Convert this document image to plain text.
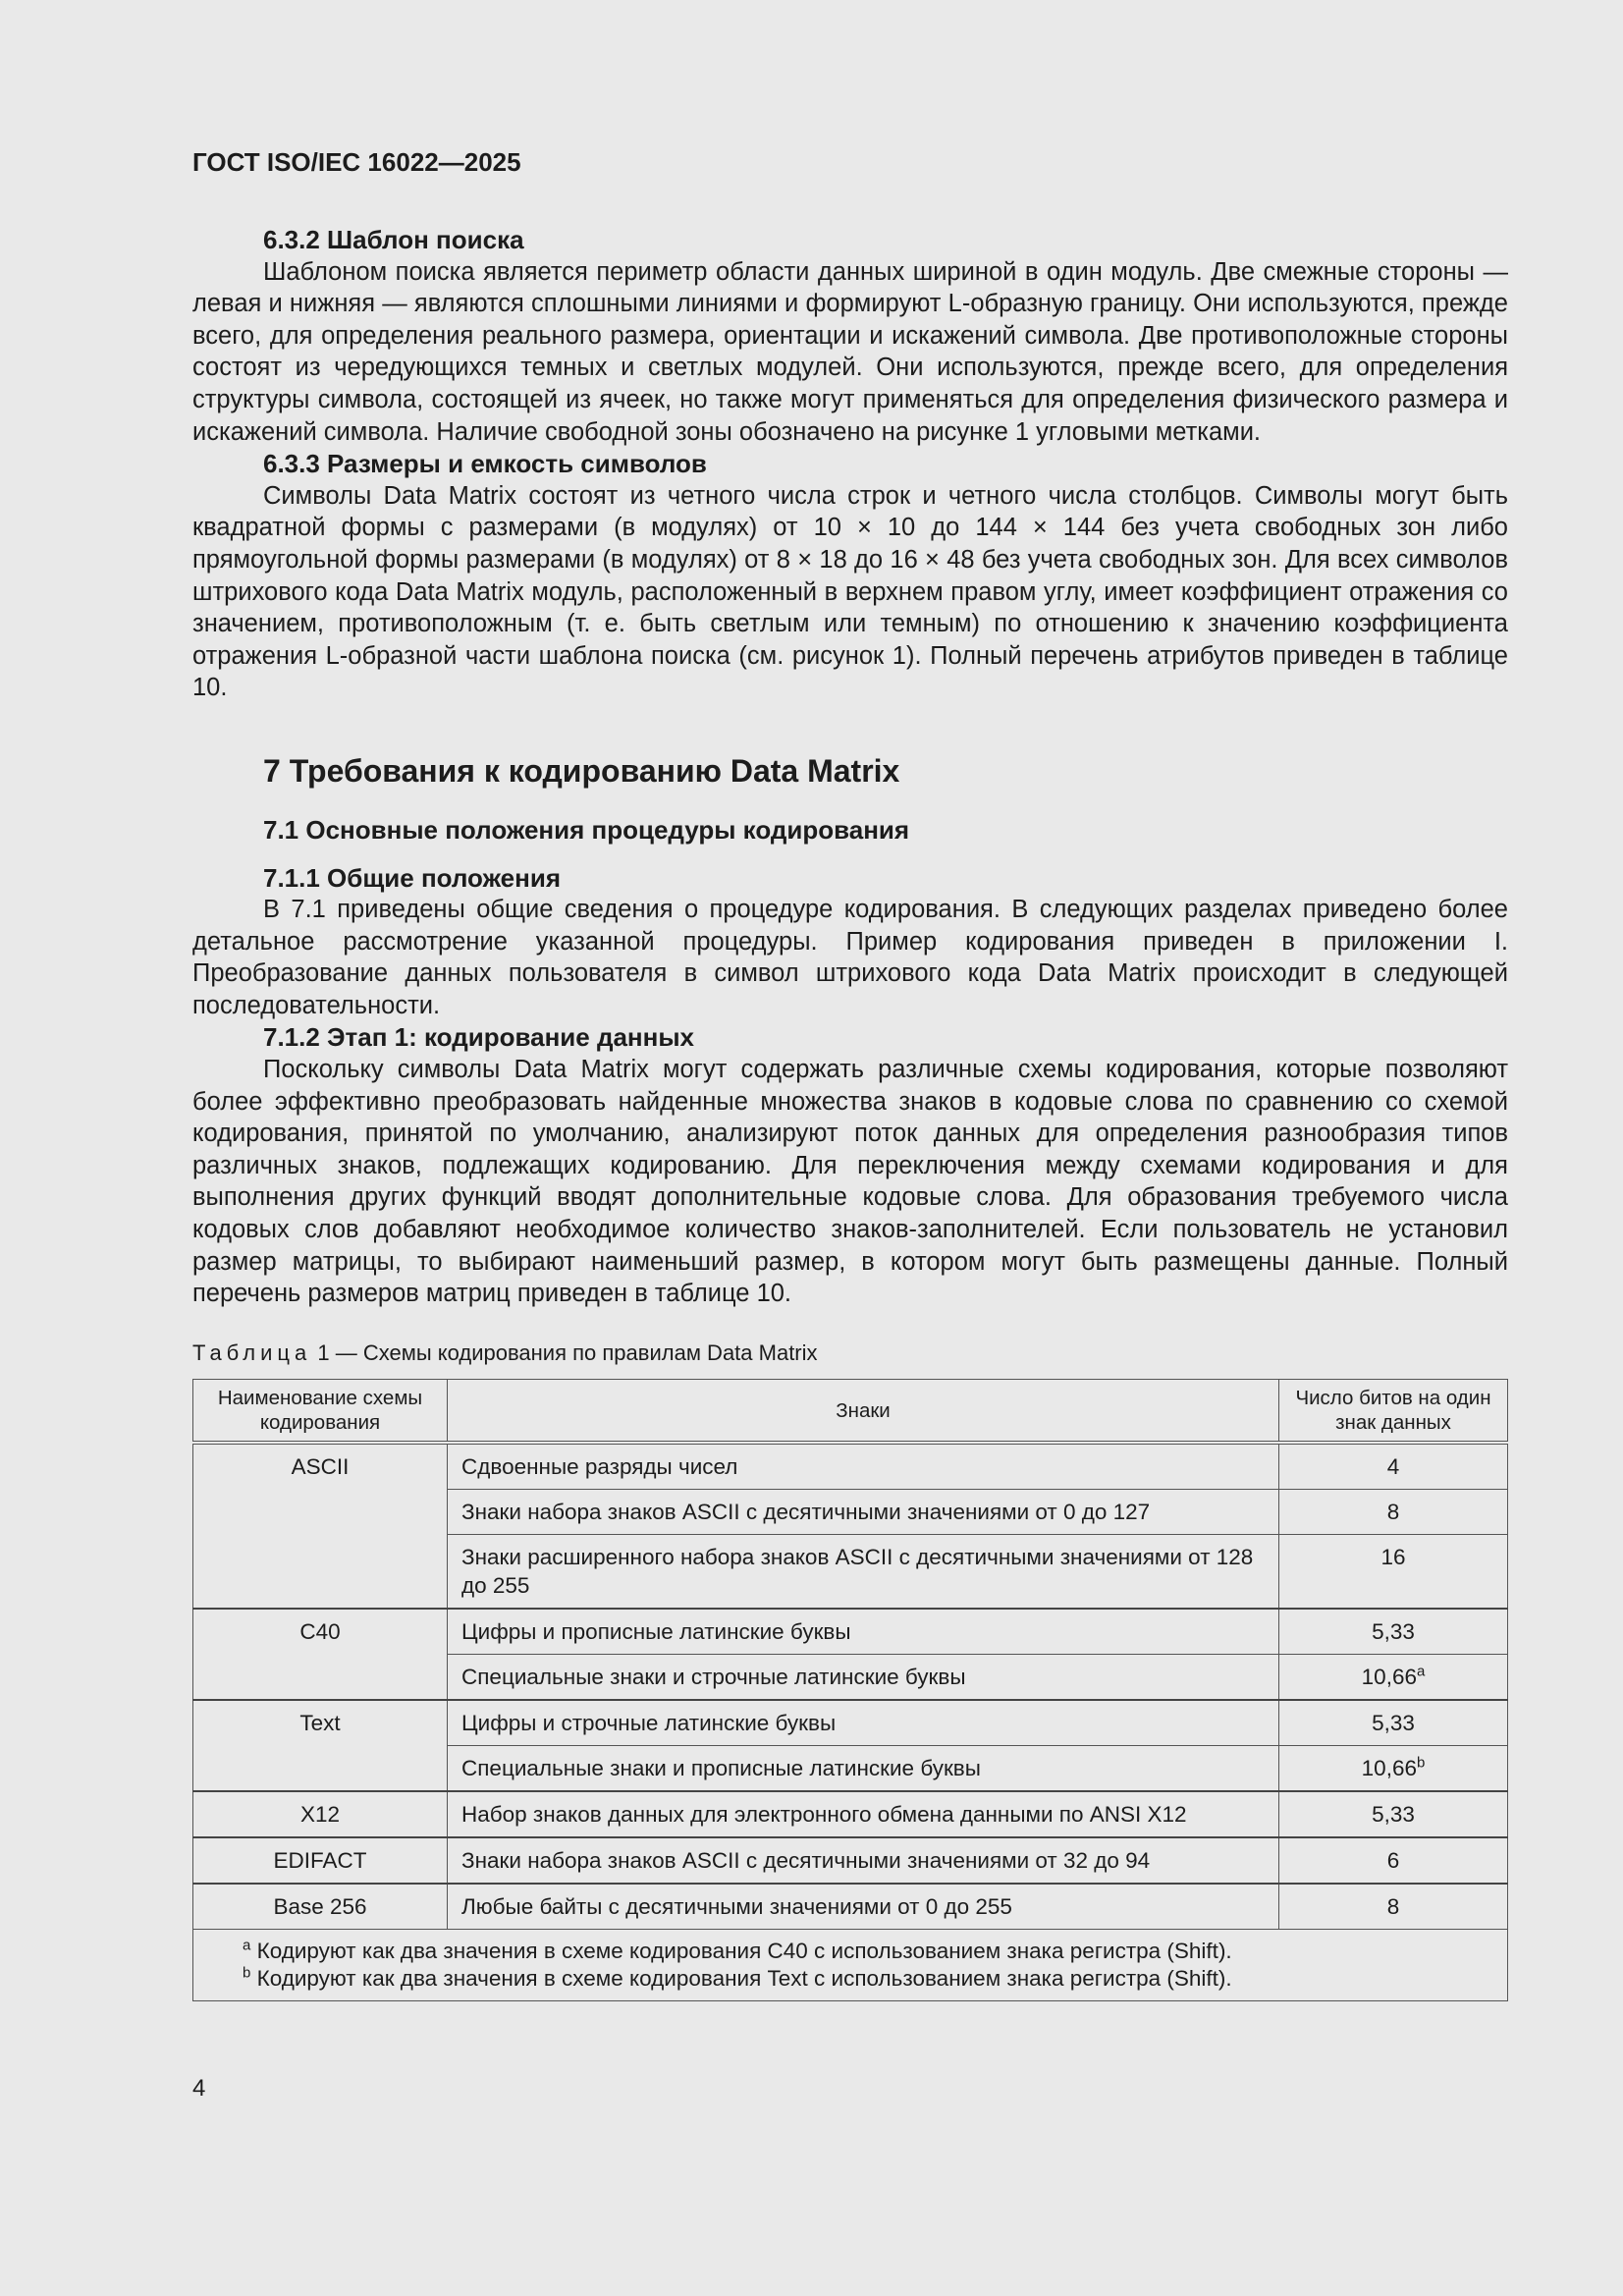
ГОСТ ISO/IEC 16022—2025
6.3.2 Шаблон поиска

Шаблоном поиска является периметр области данных шириной в один модуль. Две смежные стороны — левая и нижняя — являются сплошными линиями и формируют L-образную границу. Они используются, прежде всего, для определения реального размера, ориентации и искажений символа. Две противоположные стороны состоят из чередующихся темных и светлых модулей. Они используются, прежде всего, для определения структуры символа, состоящей из ячеек, но также могут применяться для определения физического размера и искажений символа. Наличие свободной зоны обозначено на рисунке 1 угловыми метками.

6.3.3 Размеры и емкость символов

Символы Data Matrix состоят из четного числа строк и четного числа столбцов. Символы могут быть квадратной формы с размерами (в модулях) от 10 × 10 до 144 × 144 без учета свободных зон либо прямоугольной формы размерами (в модулях) от 8 × 18 до 16 × 48 без учета свободных зон. Для всех символов штрихового кода Data Matrix модуль, расположенный в верхнем правом углу, имеет коэффициент отражения со значением, противоположным (т. е. быть светлым или темным) по отношению к значению коэффициента отражения L-образной части шаблона поиска (см. рисунок 1). Полный перечень атрибутов приведен в таблице 10.

7 Требования к кодированию Data Matrix
7.1 Основные положения процедуры кодирования
7.1.1 Общие положения

В 7.1 приведены общие сведения о процедуре кодирования. В следующих разделах приведено более детальное рассмотрение указанной процедуры. Пример кодирования приведен в приложении I. Преобразование данных пользователя в символ штрихового кода Data Matrix происходит в следующей последовательности.

7.1.2 Этап 1: кодирование данных

Поскольку символы Data Matrix могут содержать различные схемы кодирования, которые позволяют более эффективно преобразовать найденные множества знаков в кодовые слова по сравнению со схемой кодирования, принятой по умолчанию, анализируют поток данных для определения разнообразия типов различных знаков, подлежащих кодированию. Для переключения между схемами кодирования и для выполнения других функций вводят дополнительные кодовые слова. Для образования требуемого числа кодовых слов добавляют необходимое количество знаков-заполнителей. Если пользователь не установил размер матрицы, то выбирают наименьший размер, в котором могут быть размещены данные. Полный перечень размеров матриц приведен в таблице 10.

Таблица 1 — Схемы кодирования по правилам Data Matrix
Наименование схемы кодирования	Знаки	Число битов на один знак данных
ASCII	Сдвоенные разряды чисел	4
	Знаки набора знаков ASCII с десятичными значениями от 0 до 127	8
	Знаки расширенного набора знаков ASCII с десятичными значениями от 128 до 255	16
C40	Цифры и прописные латинские буквы	5,33
	Специальные знаки и строчные латинские буквы	10,66$^a$
Text	Цифры и строчные латинские буквы	5,33
	Специальные знаки и прописные латинские буквы	10,66$^b$
X12	Набор знаков данных для электронного обмена данными по ANSI X12	5,33
EDIFACT	Знаки набора знаков ASCII с десятичными значениями от 32 до 94	6
Base 256	Любые байты с десятичными значениями от 0 до 255	8

$^a$ Кодируют как два значения в схеме кодирования C40 с использованием знака регистра (Shift).
$^b$ Кодируют как два значения в схеме кодирования Text с использованием знака регистра (Shift).		
4
